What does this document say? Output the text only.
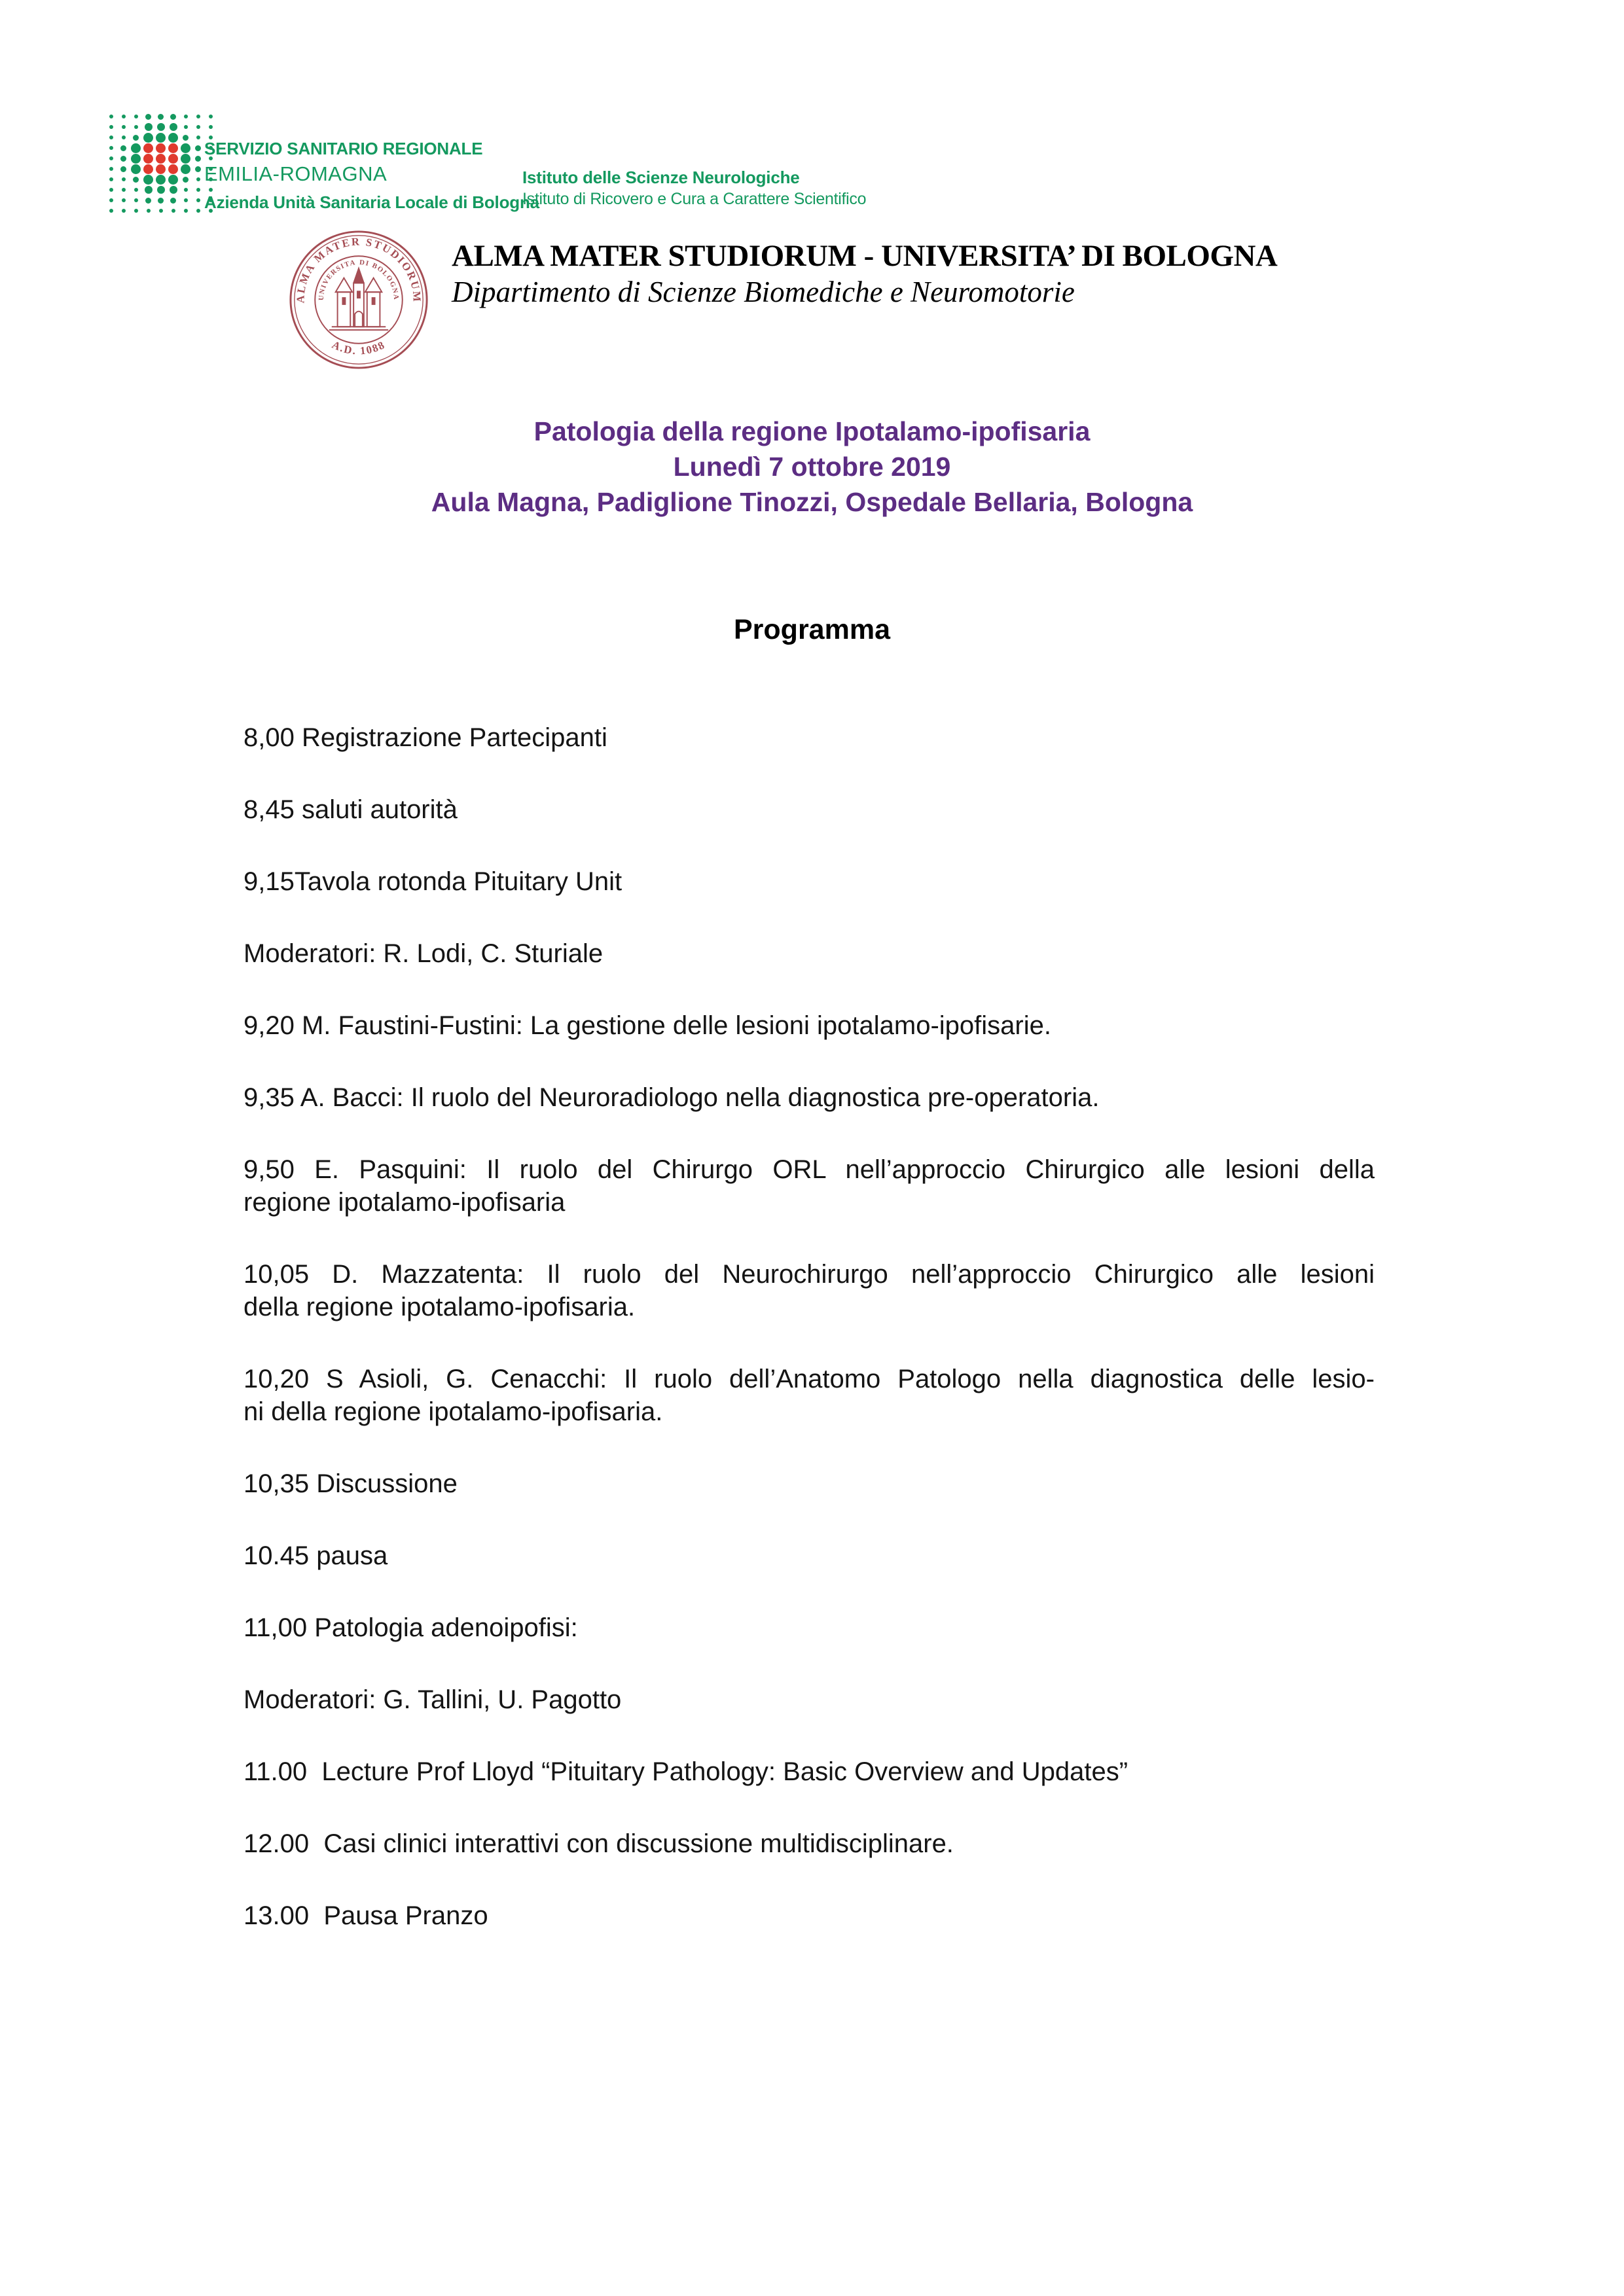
SERVIZIO SANITARIO REGIONALE
EMILIA-ROMAGNA
Azienda Unità Sanitaria Locale di Bologna
Istituto delle Scienze Neurologiche
Istituto di Ricovero e Cura a Carattere Scientifico
ALMA MATER STUDIORUM
A.D. 1088
UNIVERSITA DI BOLOGNA
ALMA MATER STUDIORUM - UNIVERSITA’ DI BOLOGNA
Dipartimento di Scienze Biomediche e Neuromotorie
Patologia della regione Ipotalamo-ipofisaria
Lunedì 7 ottobre 2019
Aula Magna, Padiglione Tinozzi, Ospedale Bellaria, Bologna
Programma

8,00 Registrazione Partecipanti

8,45 saluti autorità

9,15Tavola rotonda Pituitary Unit

Moderatori: R. Lodi, C. Sturiale

9,20 M. Faustini-Fustini: La gestione delle lesioni ipotalamo-ipofisarie.

9,35 A. Bacci: Il ruolo del Neuroradiologo nella diagnostica pre-operatoria.

9,50 E. Pasquini: Il ruolo del Chirurgo ORL nell’approccio Chirurgico alle lesioni della
regione ipotalamo-ipofisaria

10,05 D. Mazzatenta: Il ruolo del Neurochirurgo nell’approccio Chirurgico alle lesioni
della regione ipotalamo-ipofisaria.

10,20 S Asioli, G. Cenacchi: Il ruolo dell’Anatomo Patologo nella diagnostica delle lesio-
ni della regione ipotalamo-ipofisaria.

10,35 Discussione

10.45 pausa

11,00 Patologia adenoipofisi:

Moderatori: G. Tallini, U. Pagotto

11.00  Lecture Prof Lloyd “Pituitary Pathology: Basic Overview and Updates”

12.00  Casi clinici interattivi con discussione multidisciplinare.

13.00  Pausa Pranzo
